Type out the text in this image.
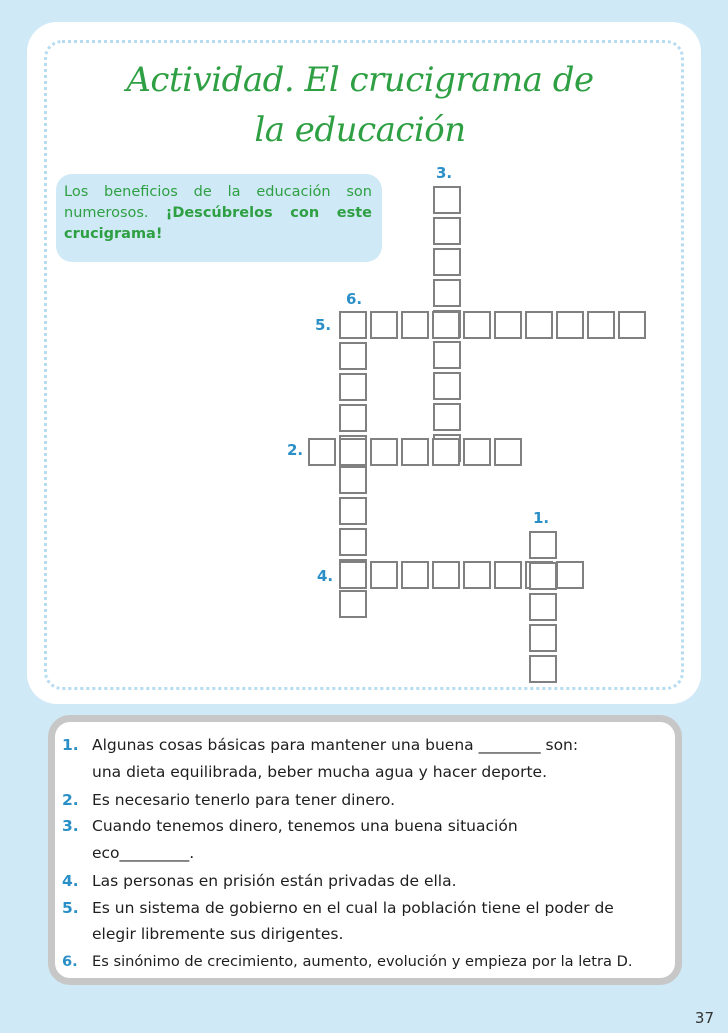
Actividad. El crucigrama de
la educación
Los beneficios de la educación son numerosos. ¡Descúbrelos con este crucigrama!
3.
6.
5.
2.
1.
4.
1. Algunas cosas básicas para mantener una buena ________ son:
una dieta equilibrada, beber mucha agua y hacer deporte.
2. Es necesario tenerlo para tener dinero.
3. Cuando tenemos dinero, tenemos una buena situación
eco_________.
4. Las personas en prisión están privadas de ella.
5. Es un sistema de gobierno en el cual la población tiene el poder de
elegir libremente sus dirigentes.
6. Es sinónimo de crecimiento, aumento, evolución y empieza por la letra D.
37
